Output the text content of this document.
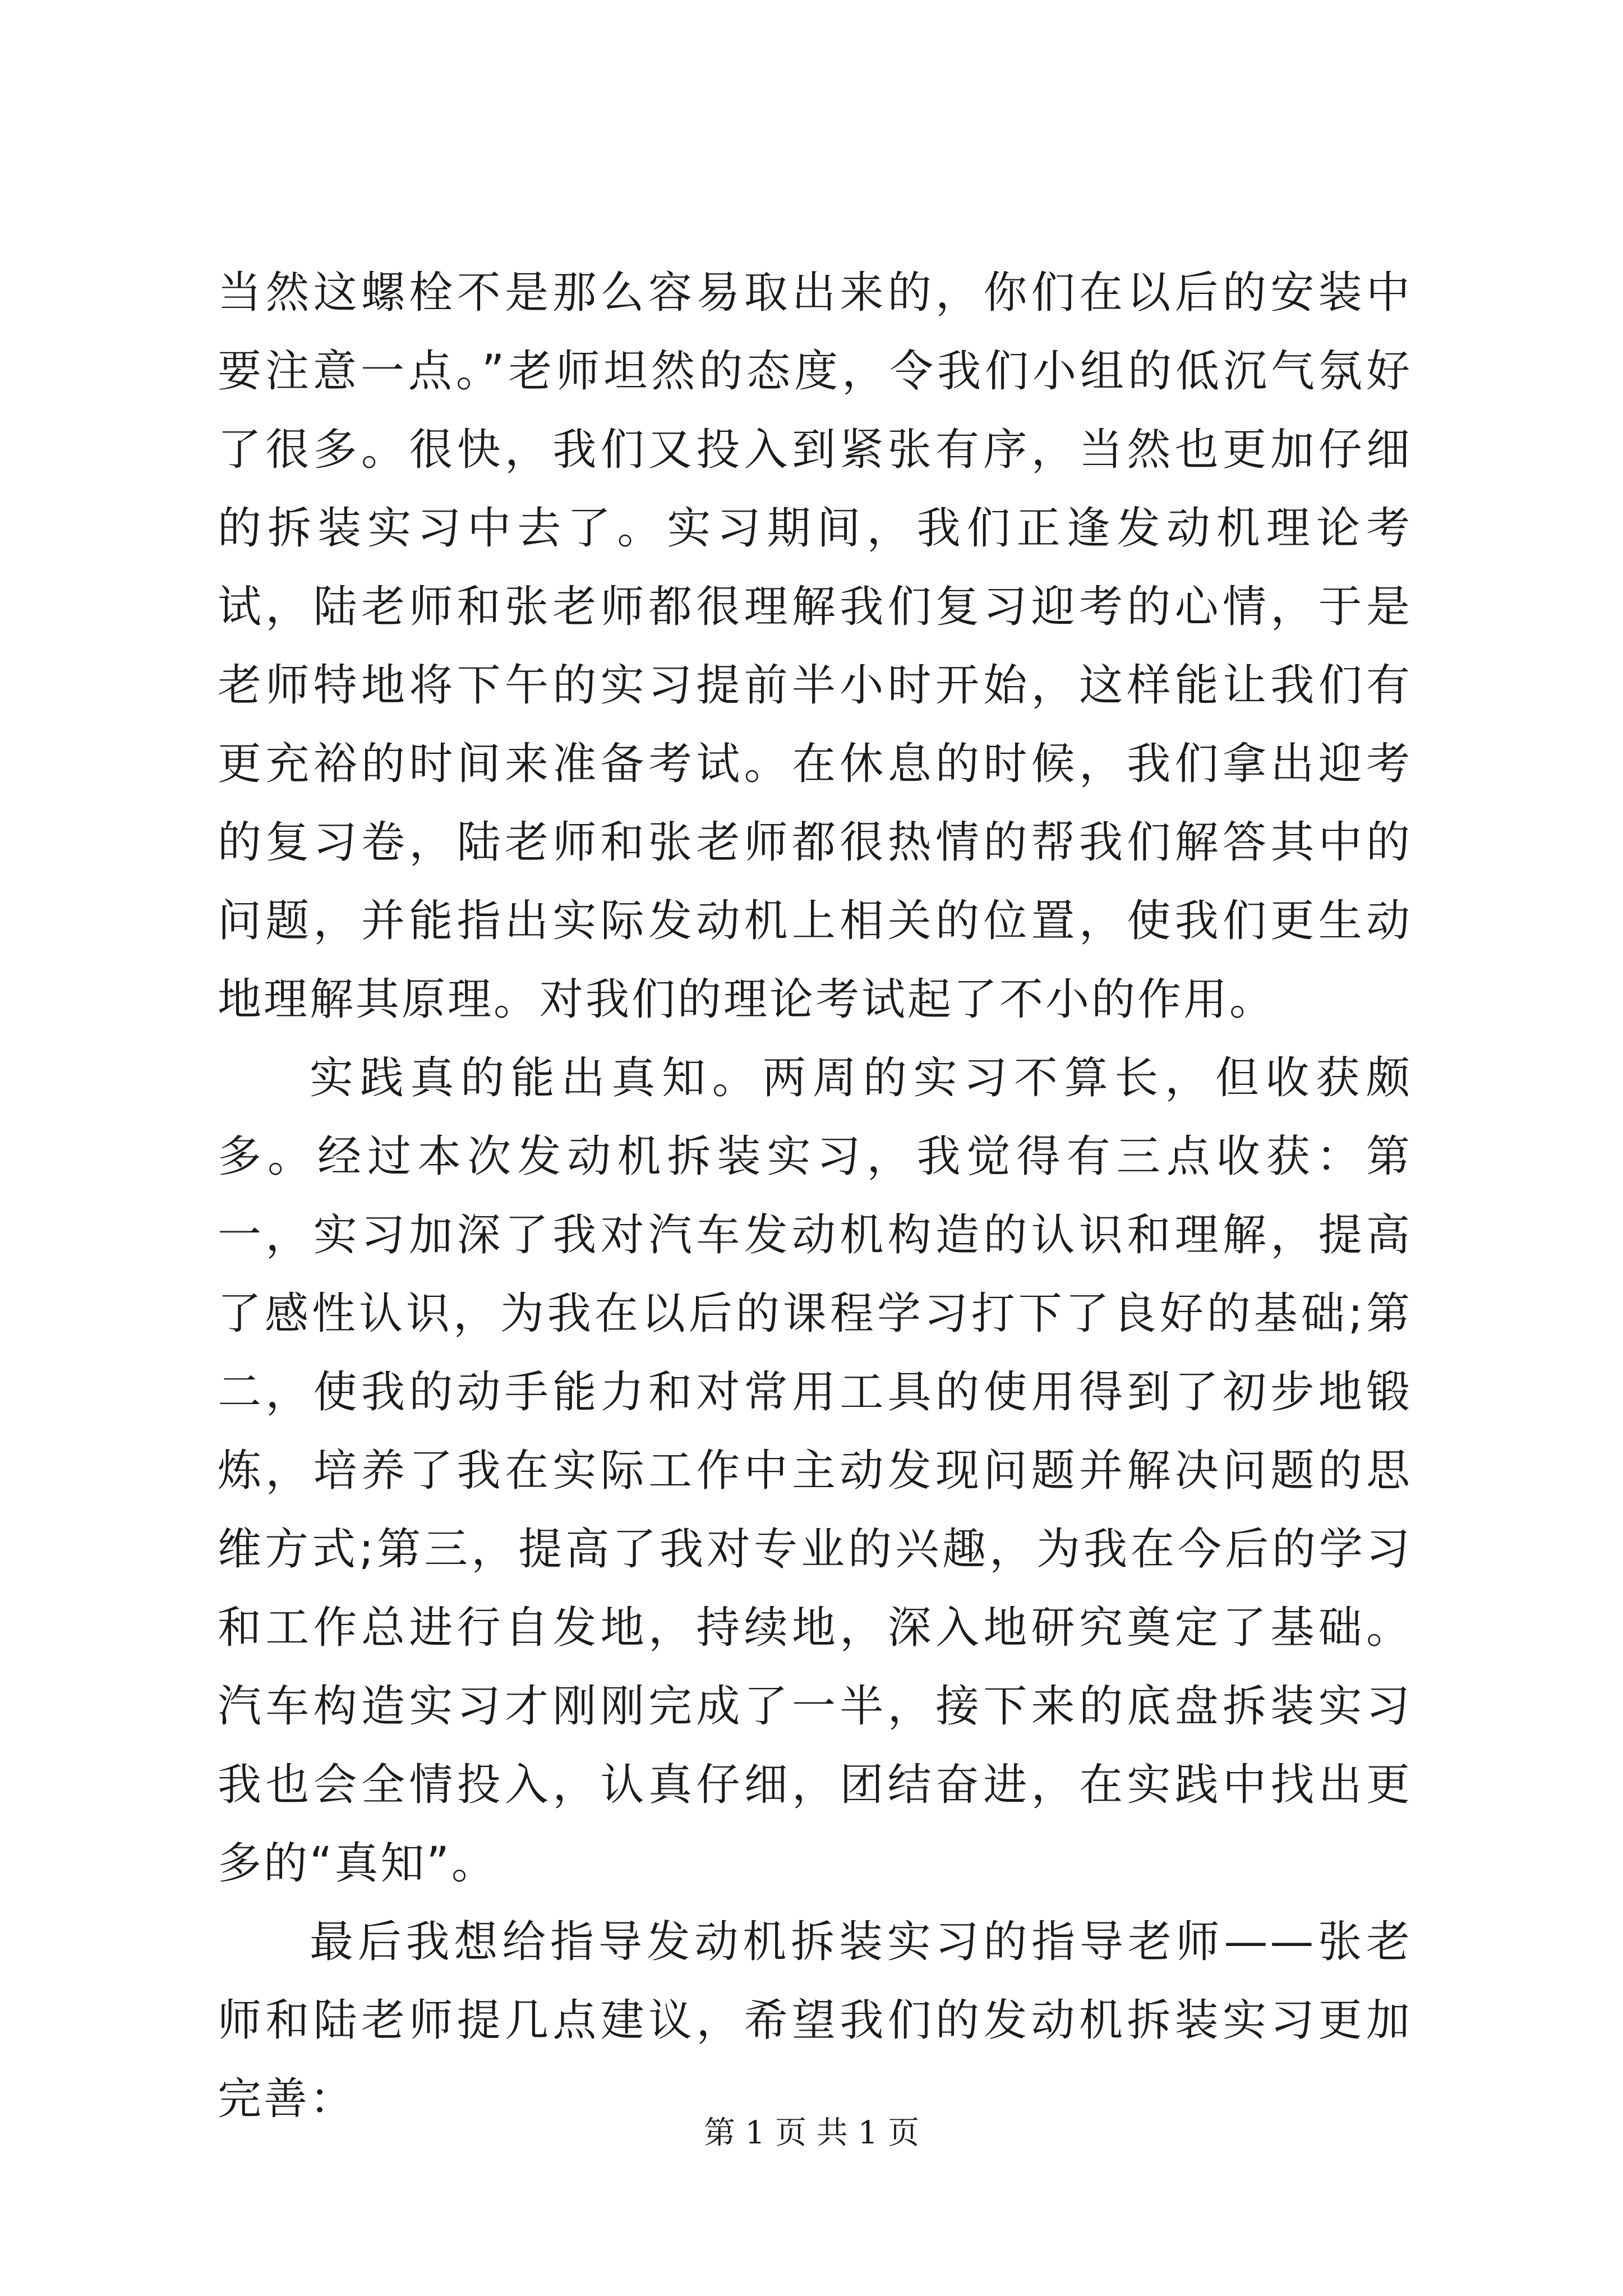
当然这螺栓不是那么容易取出来的，你们在以后的安装中要注意一点。”老师坦然的态度，令我们小组的低沉气氛好了很多。很快，我们又投入到紧张有序，当然也更加仔细的拆装实习中去了。实习期间，我们正逢发动机理论考试，陆老师和张老师都很理解我们复习迎考的心情，于是老师特地将下午的实习提前半小时开始，这样能让我们有更充裕的时间来准备考试。在休息的时候，我们拿出迎考的复习卷，陆老师和张老师都很热情的帮我们解答其中的问题，并能指出实际发动机上相关的位置，使我们更生动地理解其原理。对我们的理论考试起了不小的作用。

实践真的能出真知。两周的实习不算长，但收获颇多。经过本次发动机拆装实习，我觉得有三点收获：第一，实习加深了我对汽车发动机构造的认识和理解，提高了感性认识，为我在以后的课程学习打下了良好的基础;第二，使我的动手能力和对常用工具的使用得到了初步地锻炼，培养了我在实际工作中主动发现问题并解决问题的思维方式;第三，提高了我对专业的兴趣，为我在今后的学习和工作总进行自发地，持续地，深入地研究奠定了基础。汽车构造实习才刚刚完成了一半，接下来的底盘拆装实习我也会全情投入，认真仔细，团结奋进，在实践中找出更多的“真知”。

最后我想给指导发动机拆装实习的指导老师——张老师和陆老师提几点建议，希望我们的发动机拆装实习更加完善：

第 1 页 共 1 页
